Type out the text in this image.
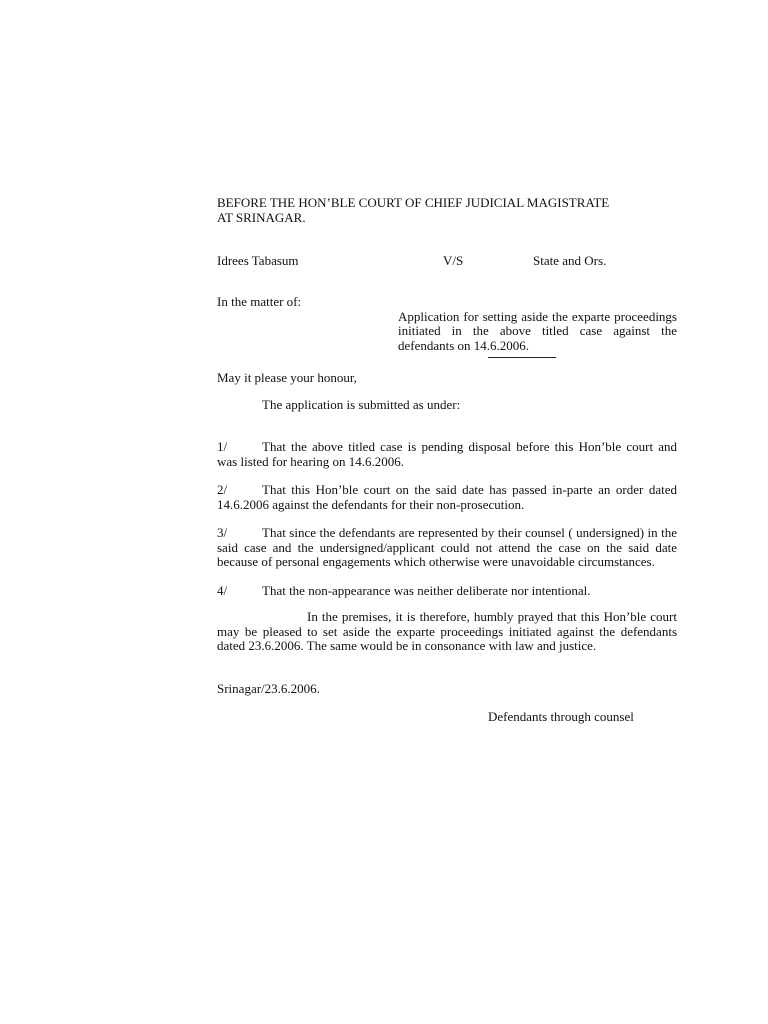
BEFORE THE HON’BLE COURT OF CHIEF JUDICIAL MAGISTRATE
AT SRINAGAR.
Idrees Tabasum	V/S	State and Ors.
In the matter of:
Application for setting aside the exparte proceedings initiated in the above titled case against the defendants on 14.6.2006.
May it please your honour,
The application is submitted as under:
1/	That the above titled case is pending disposal before this Hon’ble court and was listed for hearing on 14.6.2006.
2/	That this Hon’ble court on the said date has passed in-parte an order dated 14.6.2006 against the defendants for their non-prosecution.
3/	That since the defendants are represented by their counsel ( undersigned) in the said case and the undersigned/applicant could not attend the case on the said date because of personal engagements which otherwise were unavoidable circumstances.
4/	That the non-appearance was neither deliberate nor intentional.
In the premises, it is therefore, humbly prayed that this Hon’ble court may be pleased to set aside the exparte proceedings initiated against the defendants dated 23.6.2006. The same would be in consonance with law and justice.
Srinagar/23.6.2006.
Defendants through counsel
